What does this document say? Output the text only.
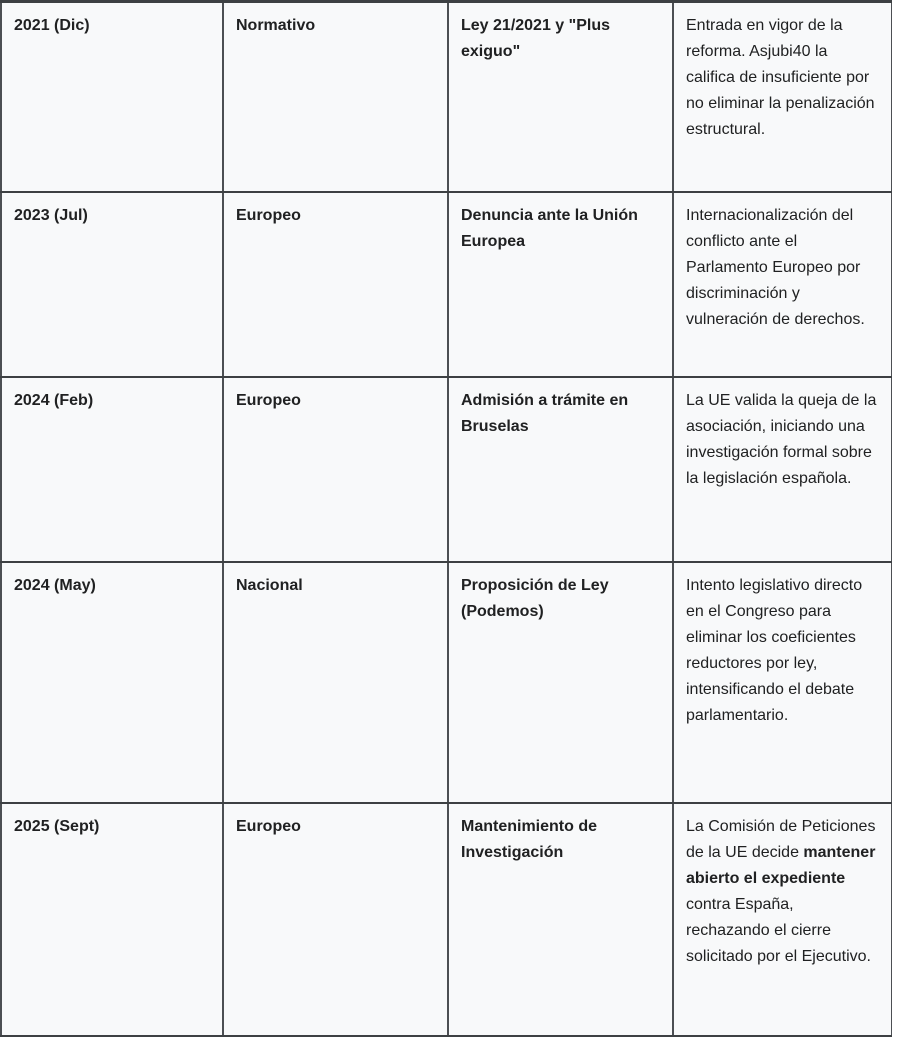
2021 (Dic)	Normativo	Ley 21/2021 y "Plus exiguo"	Entrada en vigor de la reforma. Asjubi40 la califica de insuficiente por no eliminar la penalización estructural.
2023 (Jul)	Europeo	Denuncia ante la Unión Europea	Internacionalización del conflicto ante el Parlamento Europeo por discriminación y vulneración de derechos.
2024 (Feb)	Europeo	Admisión a trámite en Bruselas	La UE valida la queja de la asociación, iniciando una investigación formal sobre la legislación española.
2024 (May)	Nacional	Proposición de Ley (Podemos)	Intento legislativo directo en el Congreso para eliminar los coeficientes reductores por ley, intensificando el debate parlamentario.
2025 (Sept)	Europeo	Mantenimiento de Investigación	La Comisión de Peticiones de la UE decide mantener abierto el expediente contra España, rechazando el cierre solicitado por el Ejecutivo.
